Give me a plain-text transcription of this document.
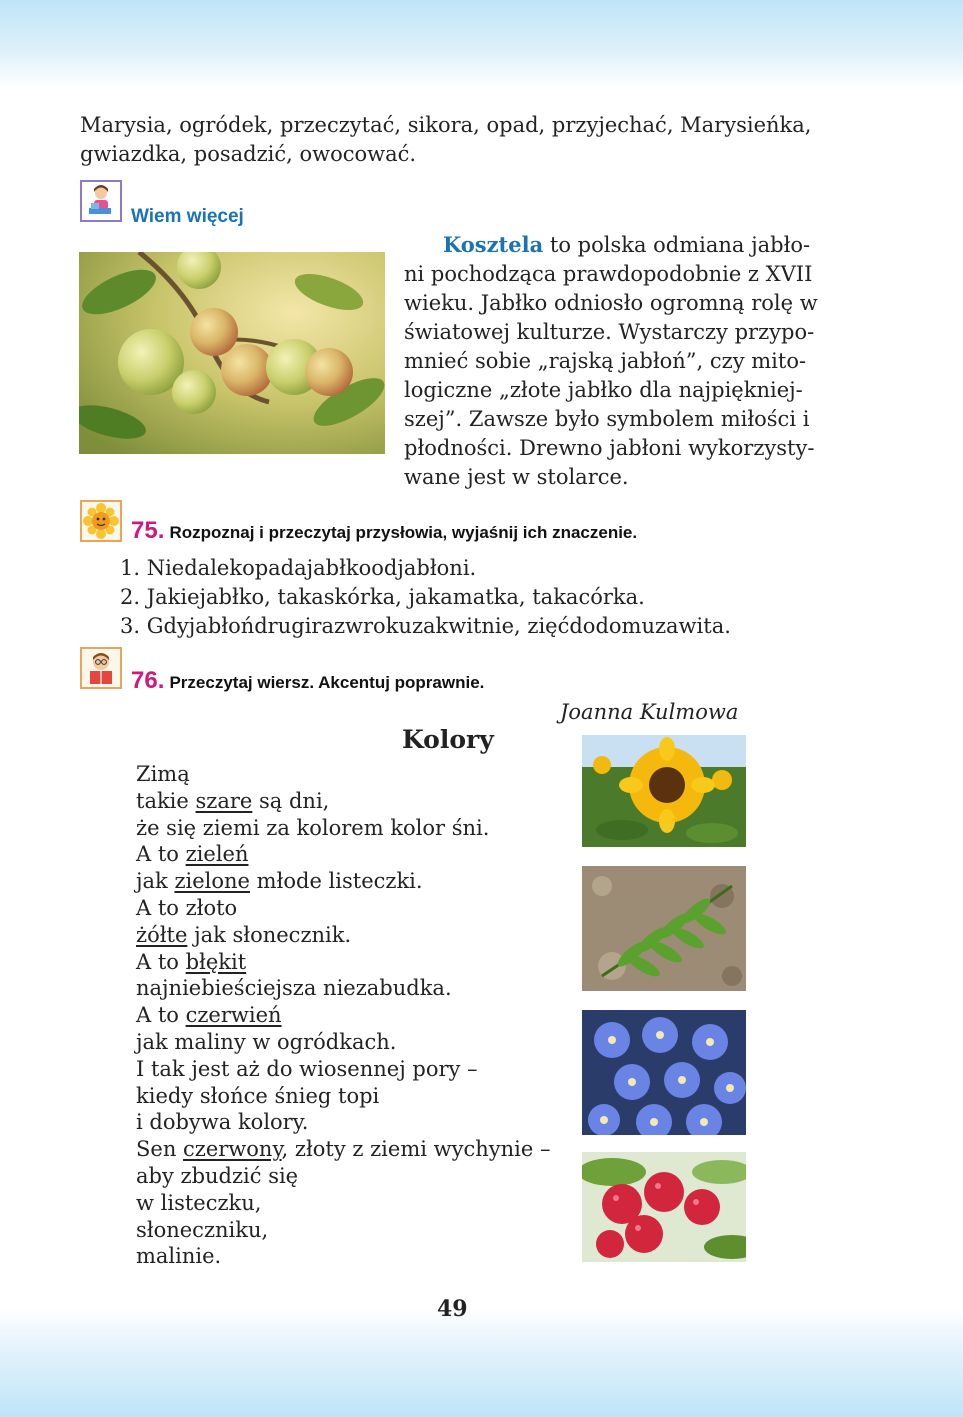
Marysia, ogródek, przeczytać, sikora, opad, przyjechać, Marysieńka,
gwiazdka, posadzić, owocować.
Wiem więcej
Kosztela to polska odmiana jabło-
ni pochodząca prawdopodobnie z XVII
wieku. Jabłko odniosło ogromną rolę w
światowej kulturze. Wystarczy przypo-
mnieć sobie „rajską jabłoń”, czy mito-
logiczne „złote jabłko dla najpiękniej-
szej”. Zawsze było symbolem miłości i
płodności. Drewno jabłoni wykorzysty-
wane jest w stolarce.
75. Rozpoznaj i przeczytaj przysłowia, wyjaśnij ich znaczenie.
1. Niedalekopadajabłkoodjabłoni.
2. Jakiejabłko, takaskórka, jakamatka, takacórka.
3. Gdyjabłońdrugirazwrokuzakwitnie, zięćdodomuzawita.
76. Przeczytaj wiersz. Akcentuj poprawnie.
Joanna Kulmowa
Kolory
Zimą
takie szare są dni,
że się ziemi za kolorem kolor śni.
A to zieleń
jak zielone młode listeczki.
A to złoto
żółte jak słonecznik.
A to błękit
najniebieściejsza niezabudka.
A to czerwień
jak maliny w ogródkach.
I tak jest aż do wiosennej pory –
kiedy słońce śnieg topi
i dobywa kolory.
Sen czerwony, złoty z ziemi wychynie –
aby zbudzić się
w listeczku,
słoneczniku,
malinie.
49
